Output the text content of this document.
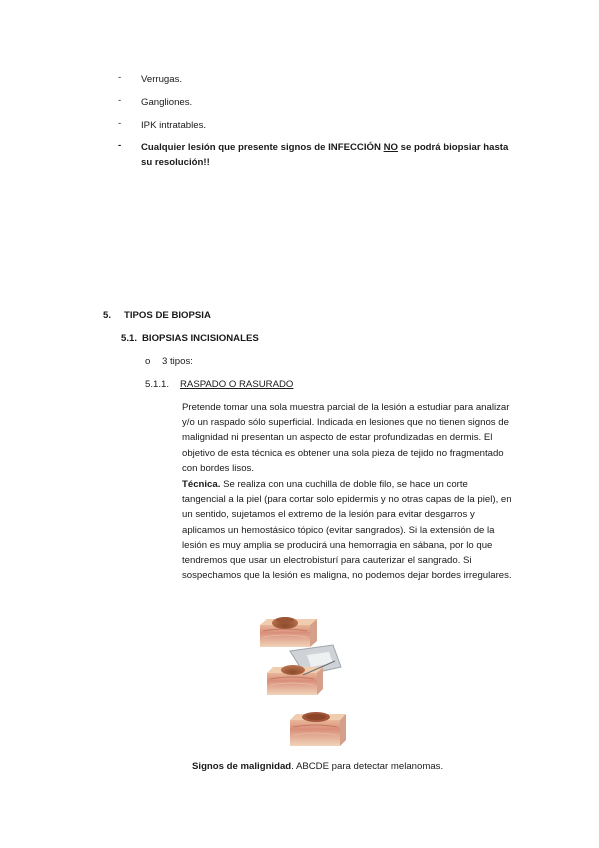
-	Verrugas.
-	Gangliones.
-	IPK intratables.
-	Cualquier lesión que presente signos de INFECCIÓN NO se podrá biopsiar hasta
su resolución!!
5. TIPOS DE BIOPSIA
5.1. BIOPSIAS INCISIONALES
o 3 tipos:
5.1.1. RASPADO O RASURADO

Pretende tomar una sola muestra parcial de la lesión a estudiar para analizar y/o un raspado sólo superficial. Indicada en lesiones que no tienen signos de malignidad ni presentan un aspecto de estar profundizadas en dermis. El objetivo de esta técnica es obtener una sola pieza de tejido no fragmentado con bordes lisos.

Técnica. Se realiza con una cuchilla de doble filo, se hace un corte tangencial a la piel (para cortar solo epidermis y no otras capas de la piel), en un sentido, sujetamos el extremo de la lesión para evitar desgarros y aplicamos un hemostásico tópico (evitar sangrados). Si la extensión de la lesión es muy amplia se producirá una hemorragia en sábana, por lo que tendremos que usar un electrobisturí para cauterizar el sangrado. Si sospechamos que la lesión es maligna, no podemos dejar bordes irregulares.

Signos de malignidad. ABCDE para detectar melanomas.
